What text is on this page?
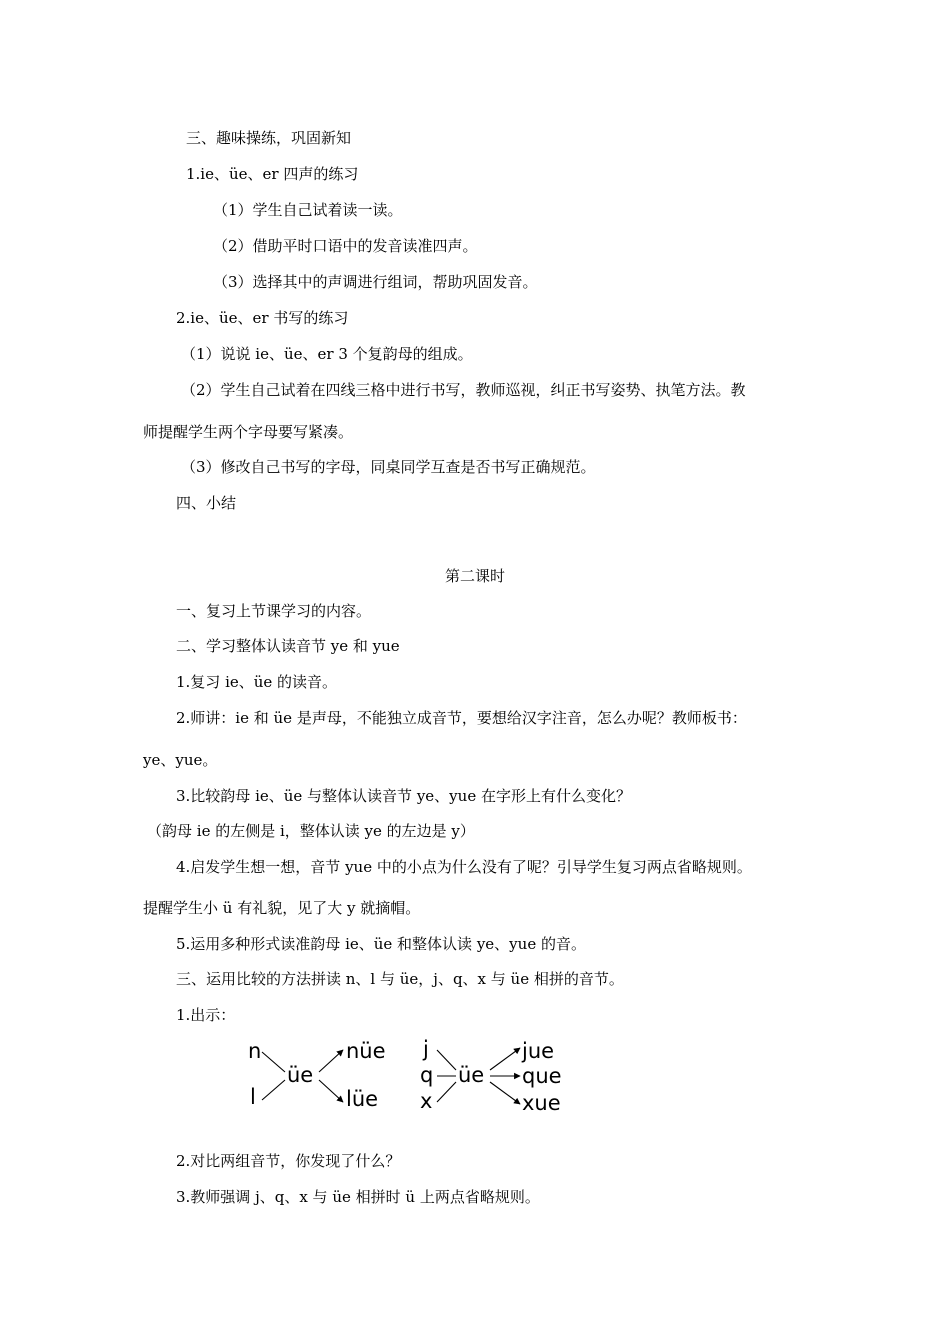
三、趣味操练，巩固新知
1.ie、üe、er 四声的练习
（1）学生自己试着读一读。
（2）借助平时口语中的发音读准四声。
（3）选择其中的声调进行组词，帮助巩固发音。
2.ie、üe、er 书写的练习
（1）说说 ie、üe、er 3 个复韵母的组成。
（2）学生自己试着在四线三格中进行书写，教师巡视，纠正书写姿势、执笔方法。教
师提醒学生两个字母要写紧凑。
（3）修改自己书写的字母，同桌同学互查是否书写正确规范。
四、小结
第二课时
一、复习上节课学习的内容。
二、学习整体认读音节 ye 和 yue
1.复习 ie、üe 的读音。
2.师讲：ie 和 üe 是声母，不能独立成音节，要想给汉字注音，怎么办呢？教师板书：
ye、yue。
3.比较韵母 ie、üe 与整体认读音节 ye、yue 在字形上有什么变化？
（韵母 ie 的左侧是 i，整体认读 ye 的左边是 y）
4.启发学生想一想，音节 yue 中的小点为什么没有了呢？引导学生复习两点省略规则。
提醒学生小 ü 有礼貌，见了大 y 就摘帽。
5.运用多种形式读准韵母 ie、üe 和整体认读 ye、yue 的音。
三、运用比较的方法拼读 n、l 与 üe，j、q、x 与 üe 相拼的音节。
1.出示：
n
l
üe
nüe
lüe
j
q
x
üe
jue
que
xue
2.对比两组音节，你发现了什么？
3.教师强调 j、q、x 与 üe 相拼时 ü 上两点省略规则。
